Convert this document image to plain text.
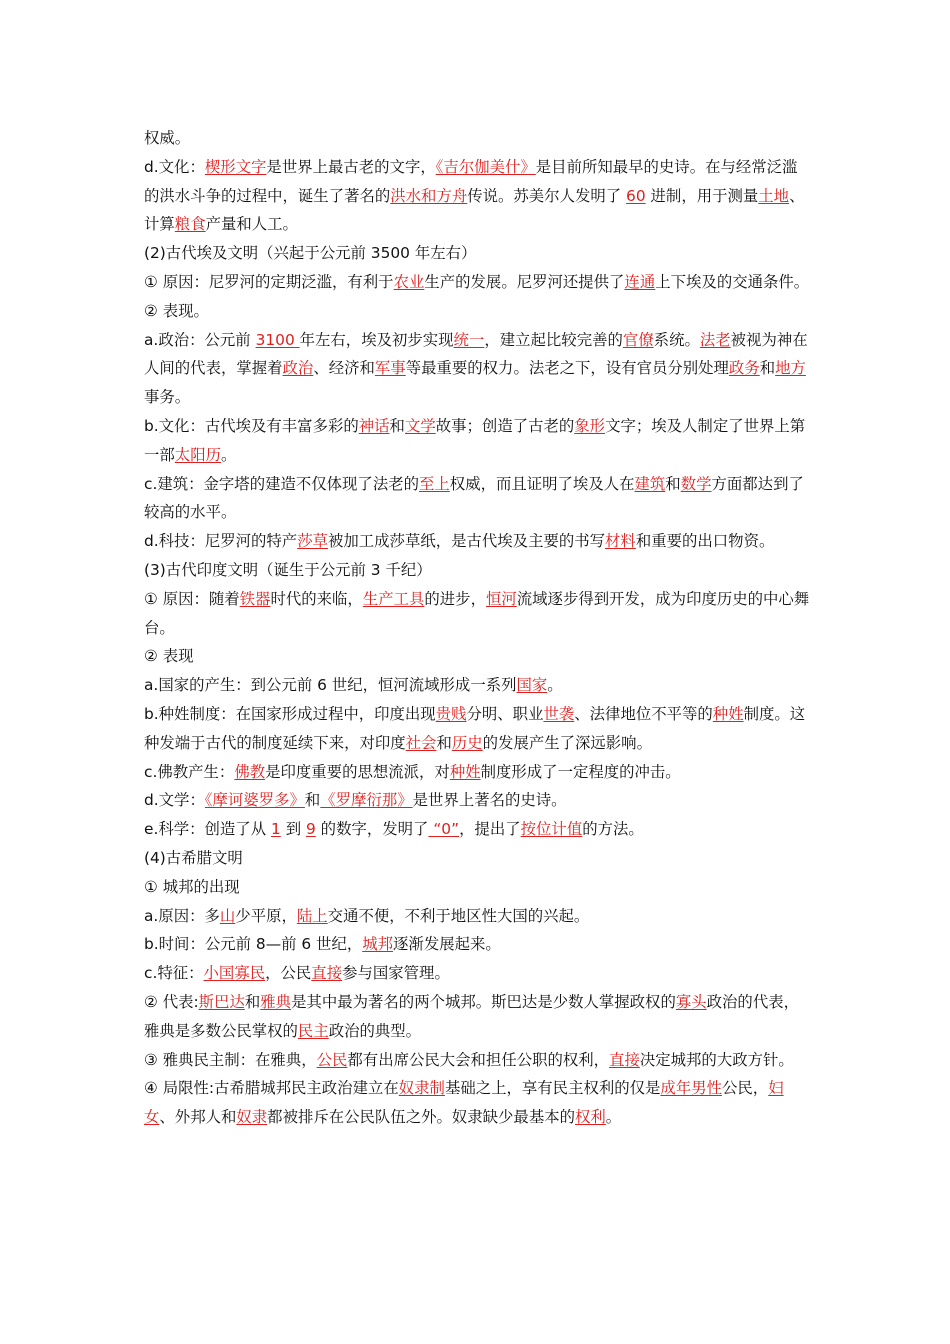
权威。

d.文化：楔形文字是世界上最古老的文字，《吉尔伽美什》是目前所知最早的史诗。在与经常泛滥的洪水斗争的过程中，诞生了著名的洪水和方舟传说。苏美尔人发明了 60 进制，用于测量土地、计算粮食产量和人工。

(2)古代埃及文明（兴起于公元前 3500 年左右）

① 原因：尼罗河的定期泛滥，有利于农业生产的发展。尼罗河还提供了连通上下埃及的交通条件。

② 表现。

a.政治：公元前 3100 年左右，埃及初步实现统一，建立起比较完善的官僚系统。法老被视为神在人间的代表，掌握着政治、经济和军事等最重要的权力。法老之下，设有官员分别处理政务和地方事务。

b.文化：古代埃及有丰富多彩的神话和文学故事；创造了古老的象形文字；埃及人制定了世界上第一部太阳历。

c.建筑：金字塔的建造不仅体现了法老的至上权威，而且证明了埃及人在建筑和数学方面都达到了较高的水平。

d.科技：尼罗河的特产莎草被加工成莎草纸，是古代埃及主要的书写材料和重要的出口物资。

(3)古代印度文明（诞生于公元前 3 千纪）

① 原因：随着铁器时代的来临，生产工具的进步，恒河流域逐步得到开发，成为印度历史的中心舞台。

② 表现

a.国家的产生：到公元前 6 世纪，恒河流域形成一系列国家。

b.种姓制度：在国家形成过程中，印度出现贵贱分明、职业世袭、法律地位不平等的种姓制度。这种发端于古代的制度延续下来，对印度社会和历史的发展产生了深远影响。

c.佛教产生：佛教是印度重要的思想流派，对种姓制度形成了一定程度的冲击。

d.文学：《摩诃婆罗多》和《罗摩衍那》是世界上著名的史诗。

e.科学：创造了从 1 到 9 的数字，发明了 “0”，提出了按位计值的方法。

(4)古希腊文明

① 城邦的出现

a.原因：多山少平原，陆上交通不便，不利于地区性大国的兴起。

b.时间：公元前 8—前 6 世纪，城邦逐渐发展起来。

c.特征：小国寡民，公民直接参与国家管理。

② 代表:斯巴达和雅典是其中最为著名的两个城邦。斯巴达是少数人掌握政权的寡头政治的代表，雅典是多数公民掌权的民主政治的典型。

③ 雅典民主制：在雅典，公民都有出席公民大会和担任公职的权利，直接决定城邦的大政方针。

④ 局限性:古希腊城邦民主政治建立在奴隶制基础之上，享有民主权利的仅是成年男性公民，妇女、外邦人和奴隶都被排斥在公民队伍之外。奴隶缺少最基本的权利。
